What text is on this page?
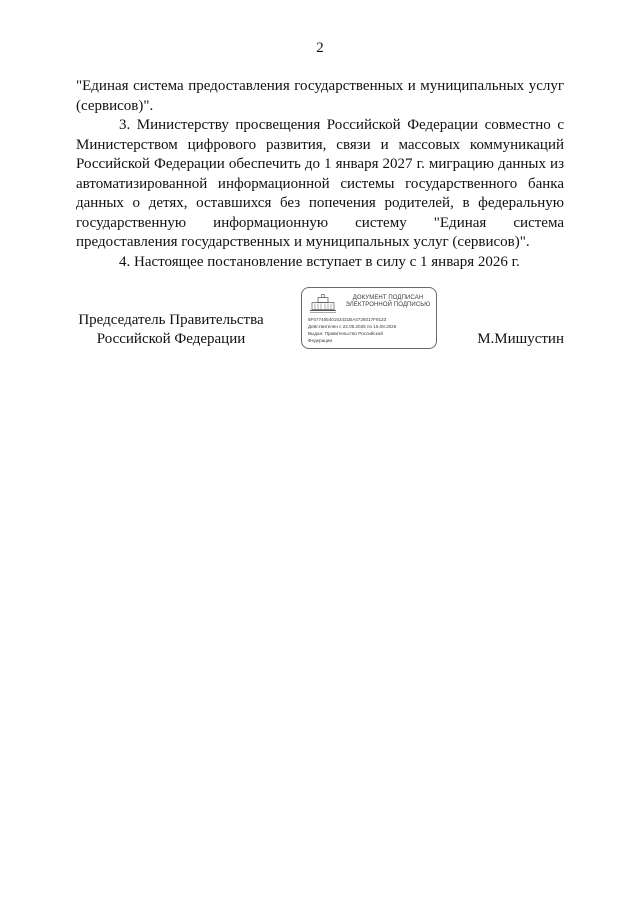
2

"Единая система предоставления государственных и муниципальных услуг (сервисов)".

3. Министерству просвещения Российской Федерации совместно с Министерством цифрового развития, связи и массовых коммуникаций Российской Федерации обеспечить до 1 января 2027 г. миграцию данных из автоматизированной информационной системы государственного банка данных о детях, оставшихся без попечения родителей, в федеральную государственную информационную систему "Единая система предоставления государственных и муниципальных услуг (сервисов)".

4. Настоящее постановление вступает в силу с 1 января 2026 г.

Председатель Правительства
Российской Федерации
ДОКУМЕНТ ПОДПИСАН
ЭЛЕКТРОННОЙ ПОДПИСЬЮ
6F67746540153431BA4726017F9133
Действителен с 22.05.2025 по 15.08.2026
Выдан: Правительство Российской
Федерации	М.Мишустин
